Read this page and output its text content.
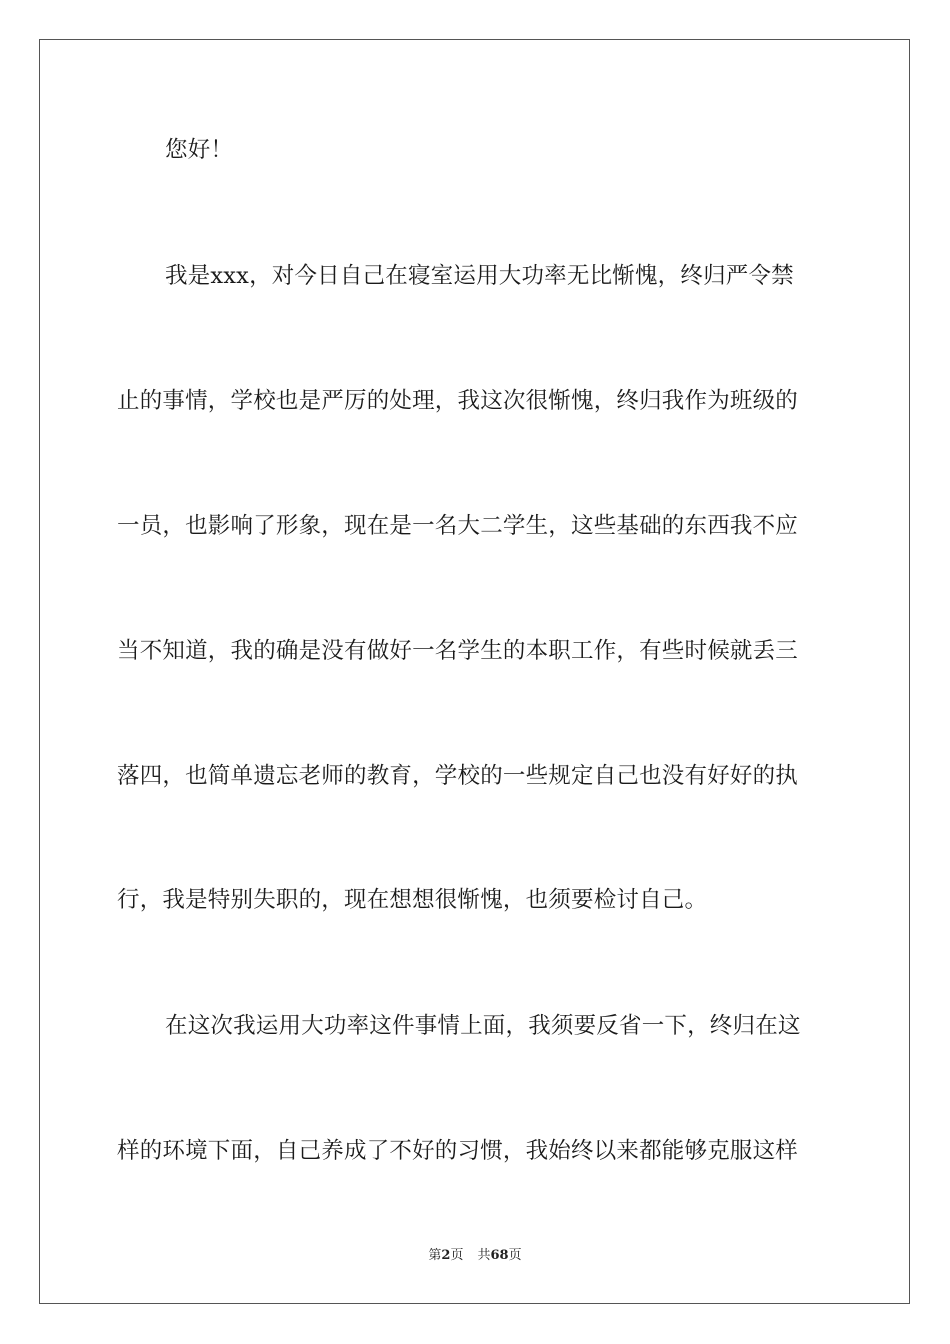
您好！
我是xxx，对今日自己在寝室运用大功率无比惭愧，终归严令禁
止的事情，学校也是严厉的处理，我这次很惭愧，终归我作为班级的
一员，也影响了形象，现在是一名大二学生，这些基础的东西我不应
当不知道，我的确是没有做好一名学生的本职工作，有些时候就丢三
落四，也简单遗忘老师的教育，学校的一些规定自己也没有好好的执
行，我是特别失职的，现在想想很惭愧，也须要检讨自己。
在这次我运用大功率这件事情上面，我须要反省一下，终归在这
样的环境下面，自己养成了不好的习惯，我始终以来都能够克服这样
第2页 共68页
